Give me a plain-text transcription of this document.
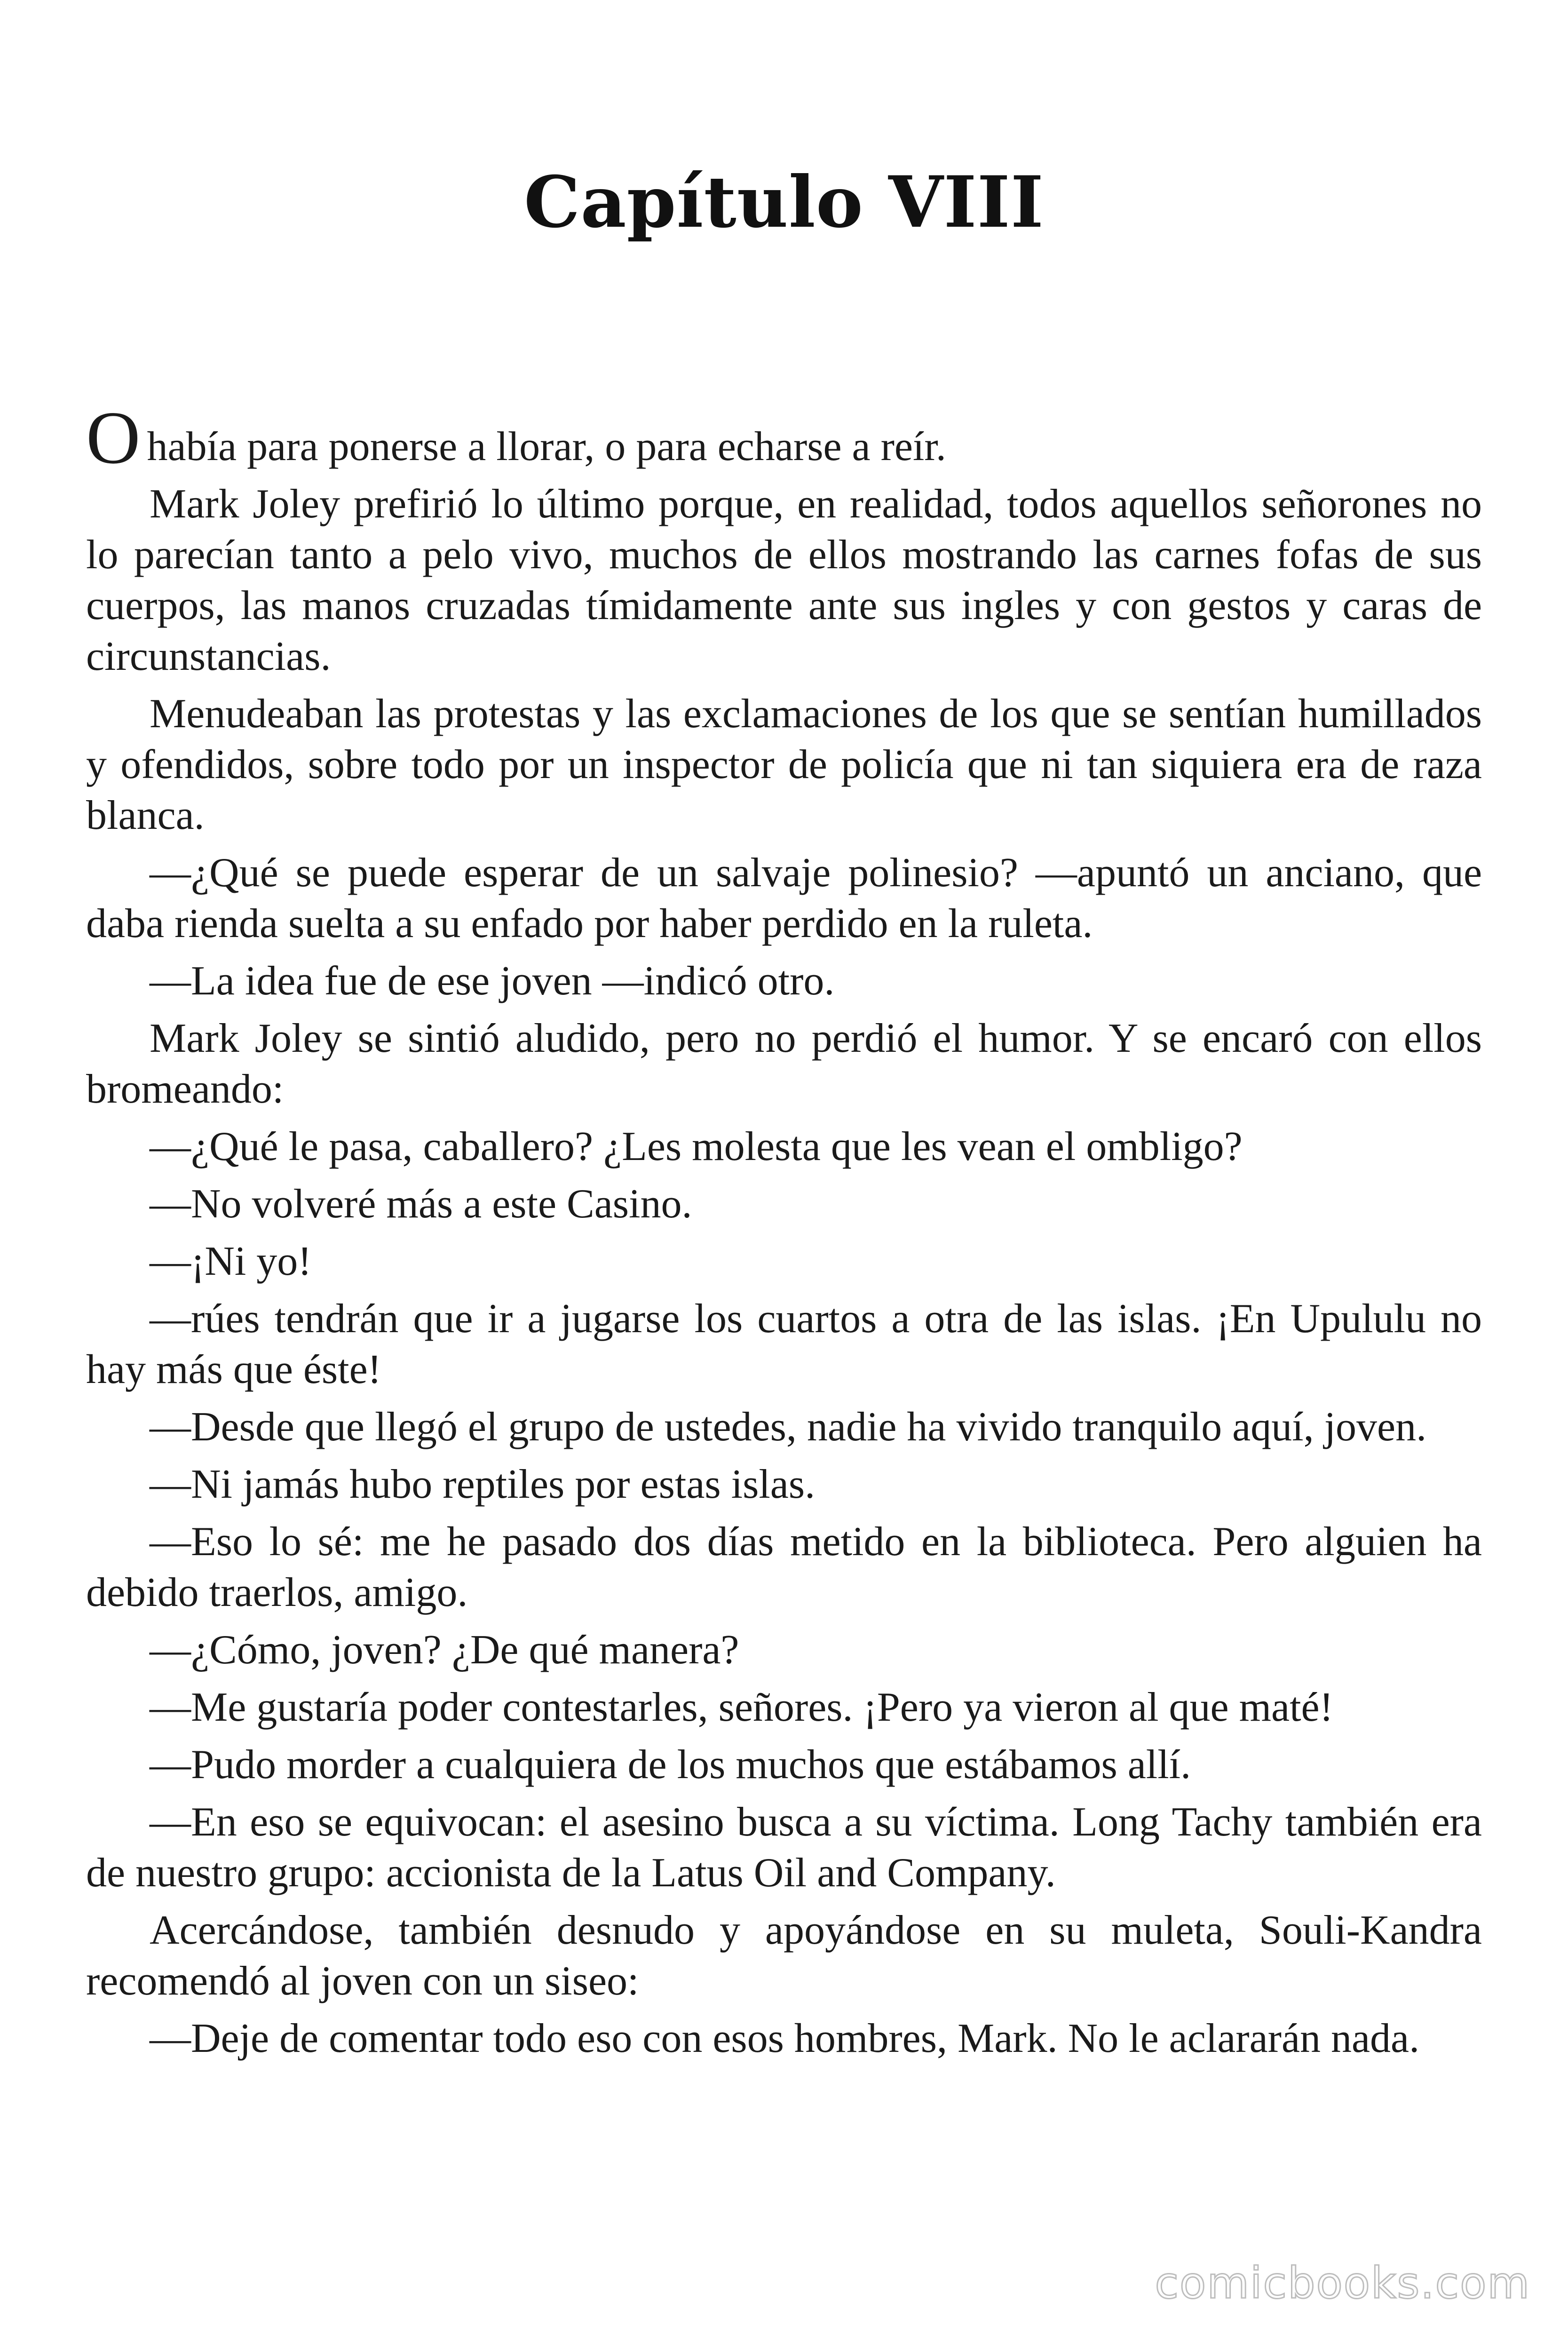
Capítulo VIII

Ohabía para ponerse a llorar, o para echarse a reír.

Mark Joley prefirió lo último porque, en realidad, todos aquellos señorones no lo parecían tanto a pelo vivo, muchos de ellos mostrando las carnes fofas de sus cuerpos, las manos cruzadas tímidamente ante sus ingles y con gestos y caras de circunstancias.

Menudeaban las protestas y las exclamaciones de los que se sentían humillados y ofendidos, sobre todo por un inspector de policía que ni tan siquiera era de raza blanca.

—¿Qué se puede esperar de un salvaje polinesio? —apuntó un anciano, que daba rienda suelta a su enfado por haber perdido en la ruleta.

—La idea fue de ese joven —indicó otro.

Mark Joley se sintió aludido, pero no perdió el humor. Y se encaró con ellos bromeando:

—¿Qué le pasa, caballero? ¿Les molesta que les vean el ombligo?

—No volveré más a este Casino.

—¡Ni yo!

—rúes tendrán que ir a jugarse los cuartos a otra de las islas. ¡En Upululu no hay más que éste!

—Desde que llegó el grupo de ustedes, nadie ha vivido tranquilo aquí, joven.

—Ni jamás hubo reptiles por estas islas.

—Eso lo sé: me he pasado dos días metido en la biblioteca. Pero alguien ha debido traerlos, amigo.

—¿Cómo, joven? ¿De qué manera?

—Me gustaría poder contestarles, señores. ¡Pero ya vieron al que maté!

—Pudo morder a cualquiera de los muchos que estábamos allí.

—En eso se equivocan: el asesino busca a su víctima. Long Tachy también era de nuestro grupo: accionista de la Latus Oil and Company.

Acercándose, también desnudo y apoyándose en su muleta, Souli-Kandra recomendó al joven con un siseo:

—Deje de comentar todo eso con esos hombres, Mark. No le aclararán nada.

comicbooks.com
